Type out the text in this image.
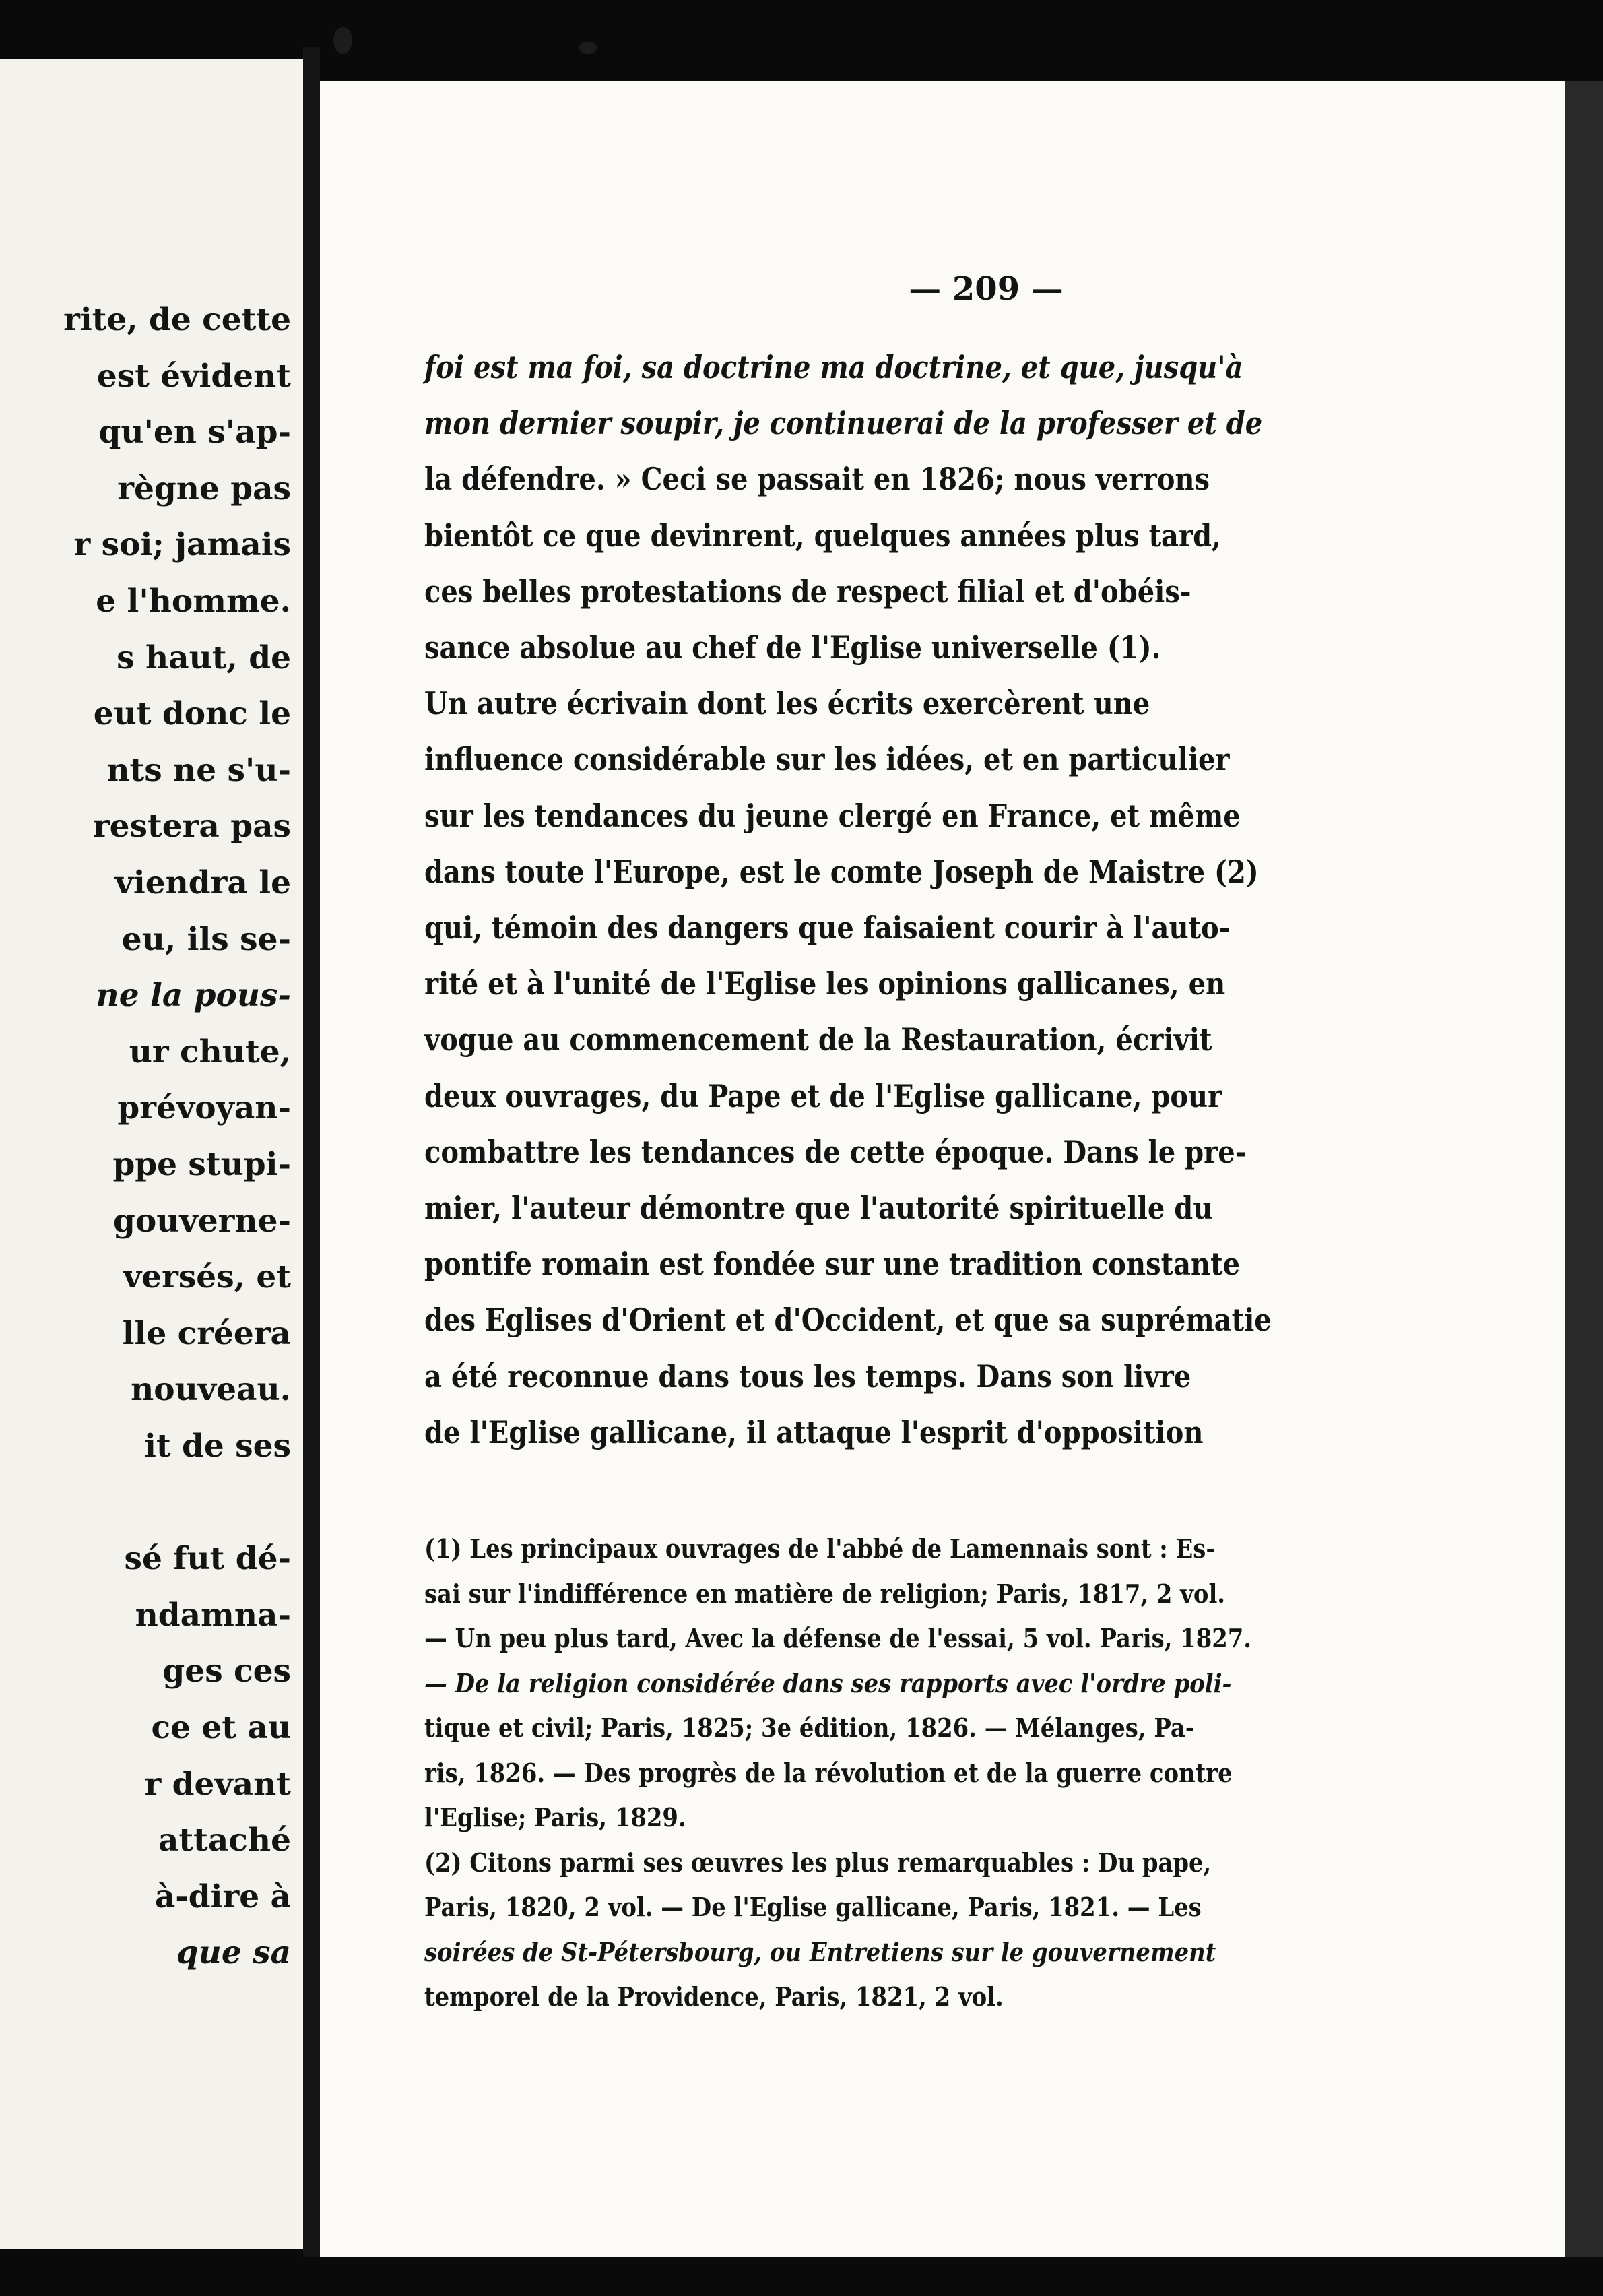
rite, de cette

est évident

qu'en s'ap-

règne pas

r soi; jamais

e l'homme.

s haut, de

eut donc le

nts ne s'u-

restera pas

viendra le

eu, ils se-

ne la pous-

ur chute,

prévoyan-

ppe stupi-

gouverne-

versés, et

lle créera

nouveau.

it de ses

sé fut dé-

ndamna-

ges ces

ce et au

r devant

attaché

à-dire à

que sa

— 209 —

foi est ma foi, sa doctrine ma doctrine, et que, jusqu'à

mon dernier soupir, je continuerai de la professer et de

la défendre. » Ceci se passait en 1826; nous verrons

bientôt ce que devinrent, quelques années plus tard,

ces belles protestations de respect filial et d'obéis-

sance absolue au chef de l'Eglise universelle (1).

Un autre écrivain dont les écrits exercèrent une

influence considérable sur les idées, et en particulier

sur les tendances du jeune clergé en France, et même

dans toute l'Europe, est le comte Joseph de Maistre (2)

qui, témoin des dangers que faisaient courir à l'auto-

rité et à l'unité de l'Eglise les opinions gallicanes, en

vogue au commencement de la Restauration, écrivit

deux ouvrages, du Pape et de l'Eglise gallicane, pour

combattre les tendances de cette époque. Dans le pre-

mier, l'auteur démontre que l'autorité spirituelle du

pontife romain est fondée sur une tradition constante

des Eglises d'Orient et d'Occident, et que sa suprématie

a été reconnue dans tous les temps. Dans son livre

de l'Eglise gallicane, il attaque l'esprit d'opposition

(1) Les principaux ouvrages de l'abbé de Lamennais sont : Es-

sai sur l'indifférence en matière de religion; Paris, 1817, 2 vol.

— Un peu plus tard, Avec la défense de l'essai, 5 vol. Paris, 1827.

— De la religion considérée dans ses rapports avec l'ordre poli-

tique et civil; Paris, 1825; 3e édition, 1826. — Mélanges, Pa-

ris, 1826. — Des progrès de la révolution et de la guerre contre

l'Eglise; Paris, 1829.

(2) Citons parmi ses œuvres les plus remarquables : Du pape,

Paris, 1820, 2 vol. — De l'Eglise gallicane, Paris, 1821. — Les

soirées de St-Pétersbourg, ou Entretiens sur le gouvernement

temporel de la Providence, Paris, 1821, 2 vol.
